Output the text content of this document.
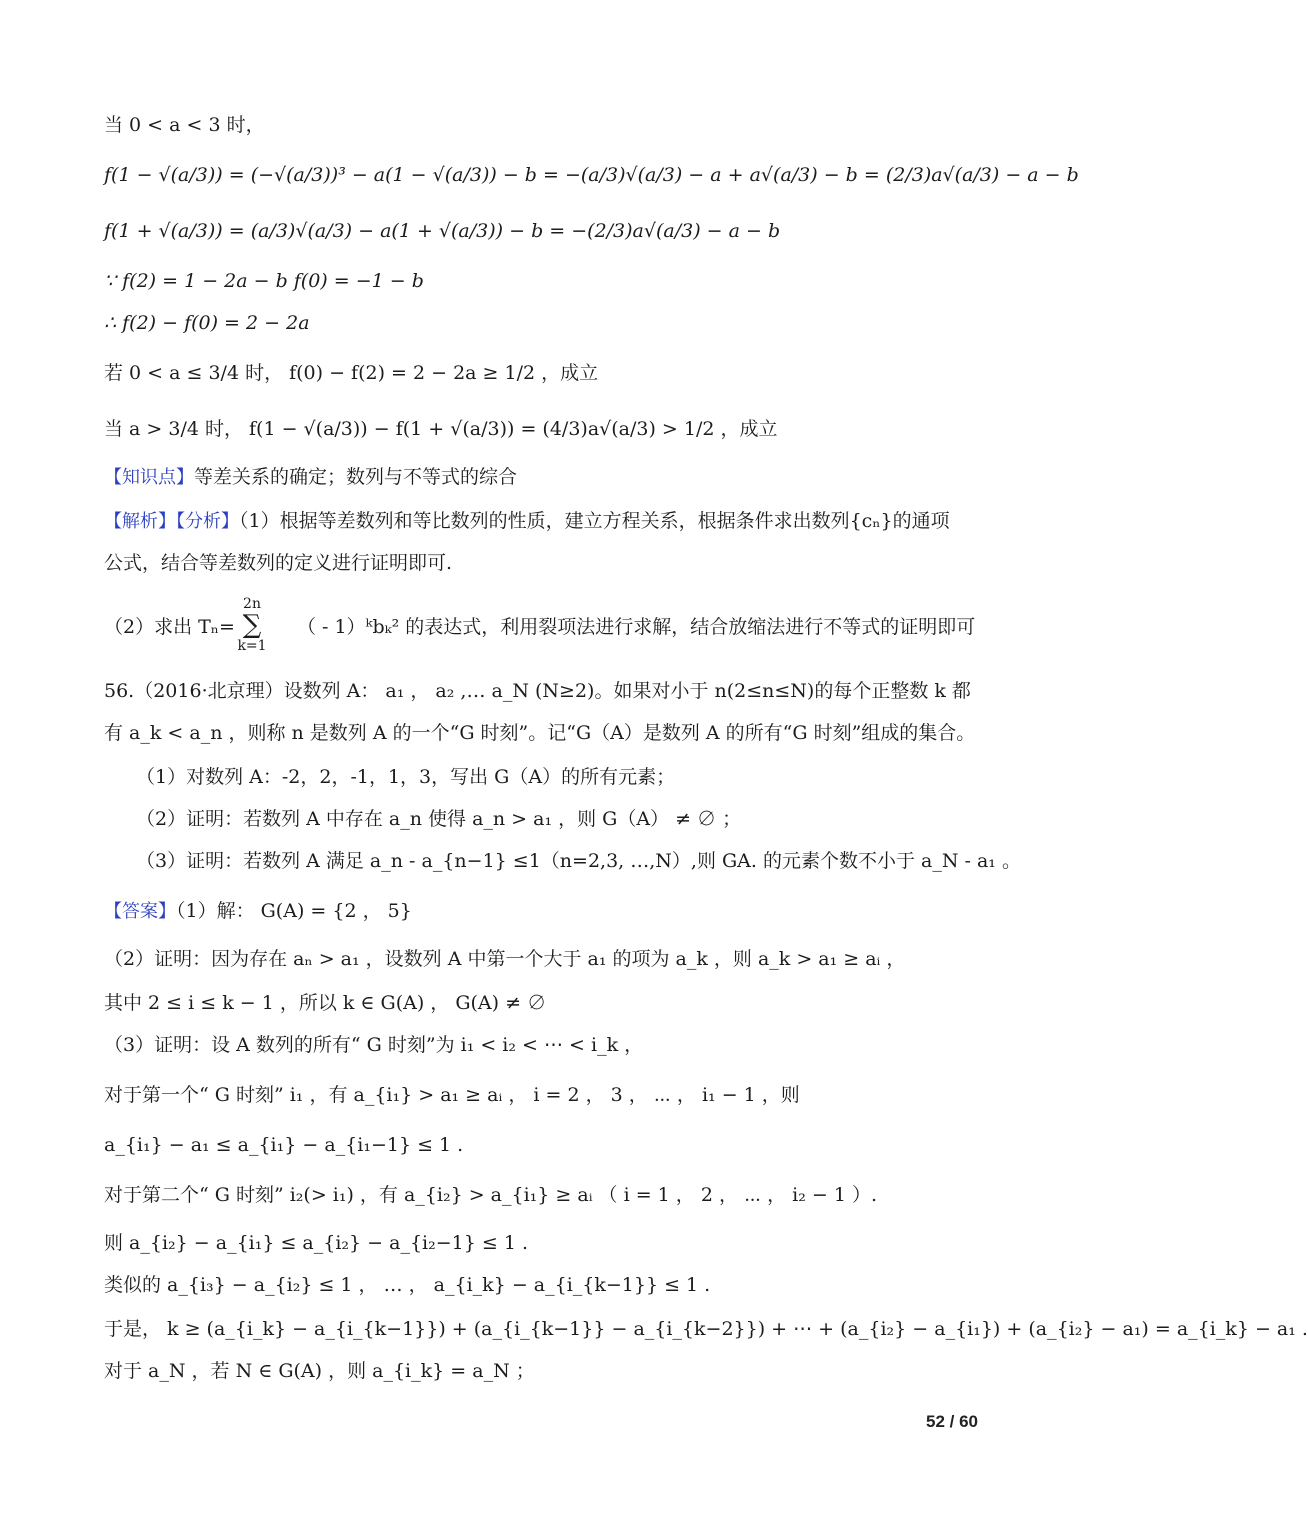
当 0 < a < 3 时，
f(1 − √(a/3)) = (−√(a/3))³ − a(1 − √(a/3)) − b = −(a/3)√(a/3) − a + a√(a/3) − b = (2/3)a√(a/3) − a − b
f(1 + √(a/3)) = (a/3)√(a/3) − a(1 + √(a/3)) − b = −(2/3)a√(a/3) − a − b
∵ f(2) = 1 − 2a − b f(0) = −1 − b
∴ f(2) − f(0) = 2 − 2a
若 0 < a ≤ 3/4 时， f(0) − f(2) = 2 − 2a ≥ 1/2 ，成立
当 a > 3/4 时， f(1 − √(a/3)) − f(1 + √(a/3)) = (4/3)a√(a/3) > 1/2 ，成立
【知识点】等差关系的确定；数列与不等式的综合
【解析】【分析】（1）根据等差数列和等比数列的性质，建立方程关系，根据条件求出数列{cₙ}的通项
公式，结合等差数列的定义进行证明即可.
（2）求出 Tₙ=	（ - 1）ᵏbₖ² 的表达式，利用裂项法进行求解，结合放缩法进行不等式的证明即可
2n
∑
k=1
56.（2016·北京理）设数列 A： a₁ ， a₂ ,… a_N (N≥2)。如果对小于 n(2≤n≤N)的每个正整数 k 都
有 a_k < a_n ，则称 n 是数列 A 的一个“G 时刻”。记“G（A）是数列 A 的所有“G 时刻”组成的集合。
（1）对数列 A：-2，2，-1，1，3，写出 G（A）的所有元素；
（2）证明：若数列 A 中存在 a_n 使得 a_n > a₁ ，则 G（A） ≠ ∅ ；
（3）证明：若数列 A 满足 a_n - a_{n−1} ≤1（n=2,3, …,N）,则 GA. 的元素个数不小于 a_N - a₁ 。
【答案】（1）解： G(A) = {2 ， 5}
（2）证明：因为存在 aₙ > a₁ ，设数列 A 中第一个大于 a₁ 的项为 a_k ，则 a_k > a₁ ≥ aᵢ ，
其中 2 ≤ i ≤ k − 1 ，所以 k ∈ G(A) ， G(A) ≠ ∅
（3）证明：设 A 数列的所有“ G 时刻”为 i₁ < i₂ < ⋯ < i_k ，
对于第一个“ G 时刻” i₁ ，有 a_{i₁} > a₁ ≥ aᵢ ， i = 2 ， 3 ， ⋯ ， i₁ − 1 ，则
a_{i₁} − a₁ ≤ a_{i₁} − a_{i₁−1} ≤ 1 .
对于第二个“ G 时刻” i₂(> i₁) ，有 a_{i₂} > a_{i₁} ≥ aᵢ （ i = 1 ， 2 ， ⋯ ， i₂ − 1 ）.
则 a_{i₂} − a_{i₁} ≤ a_{i₂} − a_{i₂−1} ≤ 1 .
类似的 a_{i₃} − a_{i₂} ≤ 1 ， … ， a_{i_k} − a_{i_{k−1}} ≤ 1 .
于是， k ≥ (a_{i_k} − a_{i_{k−1}}) + (a_{i_{k−1}} − a_{i_{k−2}}) + ⋯ + (a_{i₂} − a_{i₁}) + (a_{i₂} − a₁) = a_{i_k} − a₁ .
对于 a_N ，若 N ∈ G(A) ，则 a_{i_k} = a_N ；
52 / 60
